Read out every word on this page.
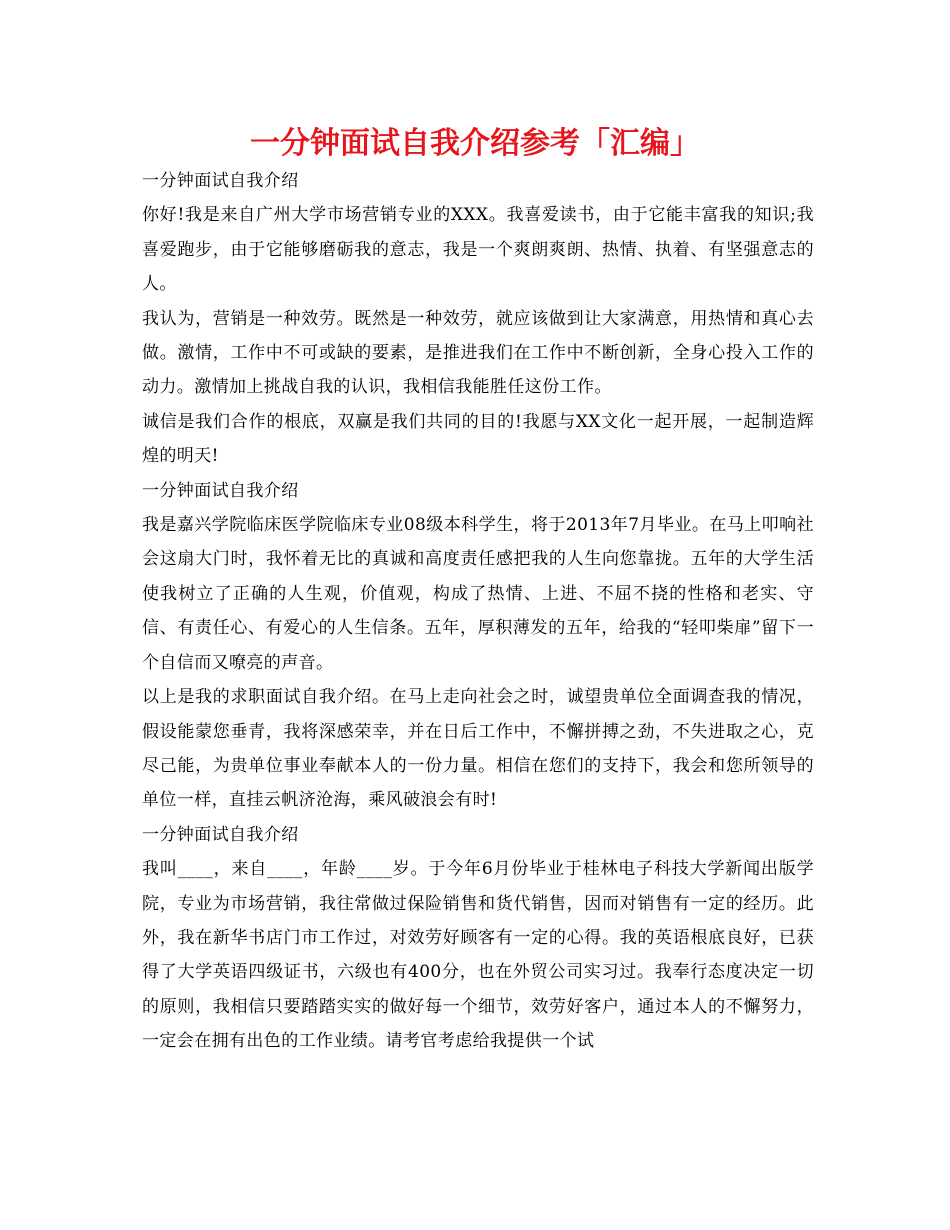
一分钟面试自我介绍参考「汇编」

一分钟面试自我介绍

你好!我是来自广州大学市场营销专业的XXX。我喜爱读书，由于它能丰富我的知识;我喜爱跑步，由于它能够磨砺我的意志，我是一个爽朗爽朗、热情、执着、有坚强意志的人。

我认为，营销是一种效劳。既然是一种效劳，就应该做到让大家满意，用热情和真心去做。激情，工作中不可或缺的要素，是推进我们在工作中不断创新，全身心投入工作的动力。激情加上挑战自我的认识，我相信我能胜任这份工作。

诚信是我们合作的根底，双赢是我们共同的目的!我愿与XX文化一起开展，一起制造辉煌的明天!

一分钟面试自我介绍

我是嘉兴学院临床医学院临床专业08级本科学生，将于2013年7月毕业。在马上叩响社会这扇大门时，我怀着无比的真诚和高度责任感把我的人生向您靠拢。五年的大学生活使我树立了正确的人生观，价值观，构成了热情、上进、不屈不挠的性格和老实、守信、有责任心、有爱心的人生信条。五年，厚积薄发的五年，给我的“轻叩柴扉”留下一个自信而又嘹亮的声音。

以上是我的求职面试自我介绍。在马上走向社会之时，诚望贵单位全面调查我的情况，假设能蒙您垂青，我将深感荣幸，并在日后工作中，不懈拼搏之劲，不失进取之心，克尽己能，为贵单位事业奉献本人的一份力量。相信在您们的支持下，我会和您所领导的单位一样，直挂云帆济沧海，乘风破浪会有时!

一分钟面试自我介绍

我叫____，来自____，年龄____岁。于今年6月份毕业于桂林电子科技大学新闻出版学院，专业为市场营销，我往常做过保险销售和货代销售，因而对销售有一定的经历。此外，我在新华书店门市工作过，对效劳好顾客有一定的心得。我的英语根底良好，已获得了大学英语四级证书，六级也有400分，也在外贸公司实习过。我奉行态度决定一切的原则，我相信只要踏踏实实的做好每一个细节，效劳好客户，通过本人的不懈努力，一定会在拥有出色的工作业绩。请考官考虑给我提供一个试
